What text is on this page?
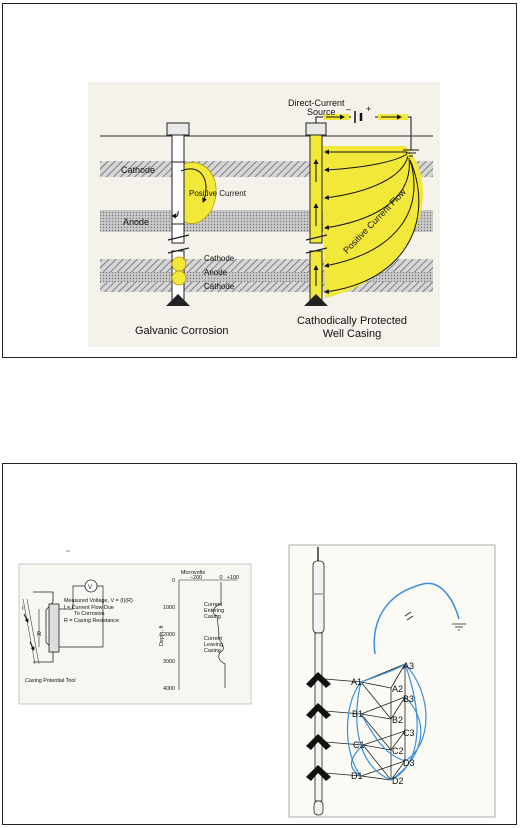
Cathode
Anode
Positive Current
Cathode
Anode
Cathode
Direct-Current
Source – +
Positive Current Flow
Galvanic Corrosion
Cathodically Protected
Well Casing
V
R
I
Measured Voltage, V = (I)(R)
I = Current Flow Due
To Corrosion
R = Casing Resistance
Casing Potential Tool
Microvolts
–200	0 +100
0
1000
2000
3000
4000
Depth, ft
Current
Entering
Casing
Current
Leaving
Casing
A1
A2
A3
B1
B2
B3
C1
C2
C3
D1	D2
D3
